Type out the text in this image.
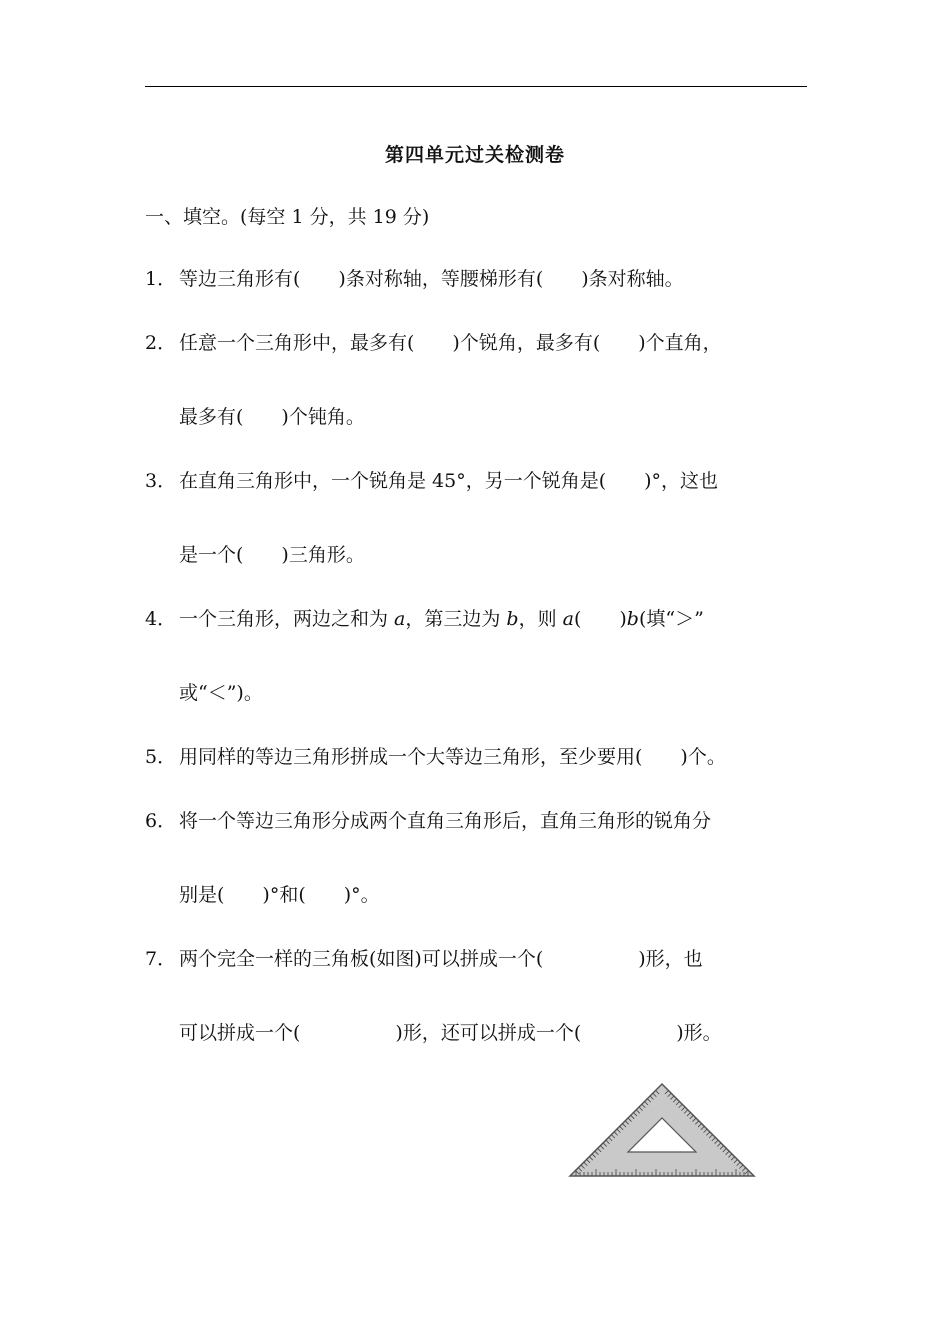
第四单元过关检测卷
一、填空。(每空 1 分，共 19 分)
1． 等边三角形有(　　)条对称轴，等腰梯形有(　　)条对称轴。
2． 任意一个三角形中，最多有(　　)个锐角，最多有(　　)个直角，
最多有(　　)个钝角。
3． 在直角三角形中，一个锐角是 45°，另一个锐角是(　　)°，这也
是一个(　　)三角形。
4． 一个三角形，两边之和为 a，第三边为 b，则 a(　　)b(填“＞”
或“＜”)。
5． 用同样的等边三角形拼成一个大等边三角形，至少要用(　　)个。
6． 将一个等边三角形分成两个直角三角形后，直角三角形的锐角分
别是(　　)°和(　　)°。
7． 两个完全一样的三角板(如图)可以拼成一个(　　　　　)形，也
可以拼成一个(　　　　　)形，还可以拼成一个(　　　　　)形。
